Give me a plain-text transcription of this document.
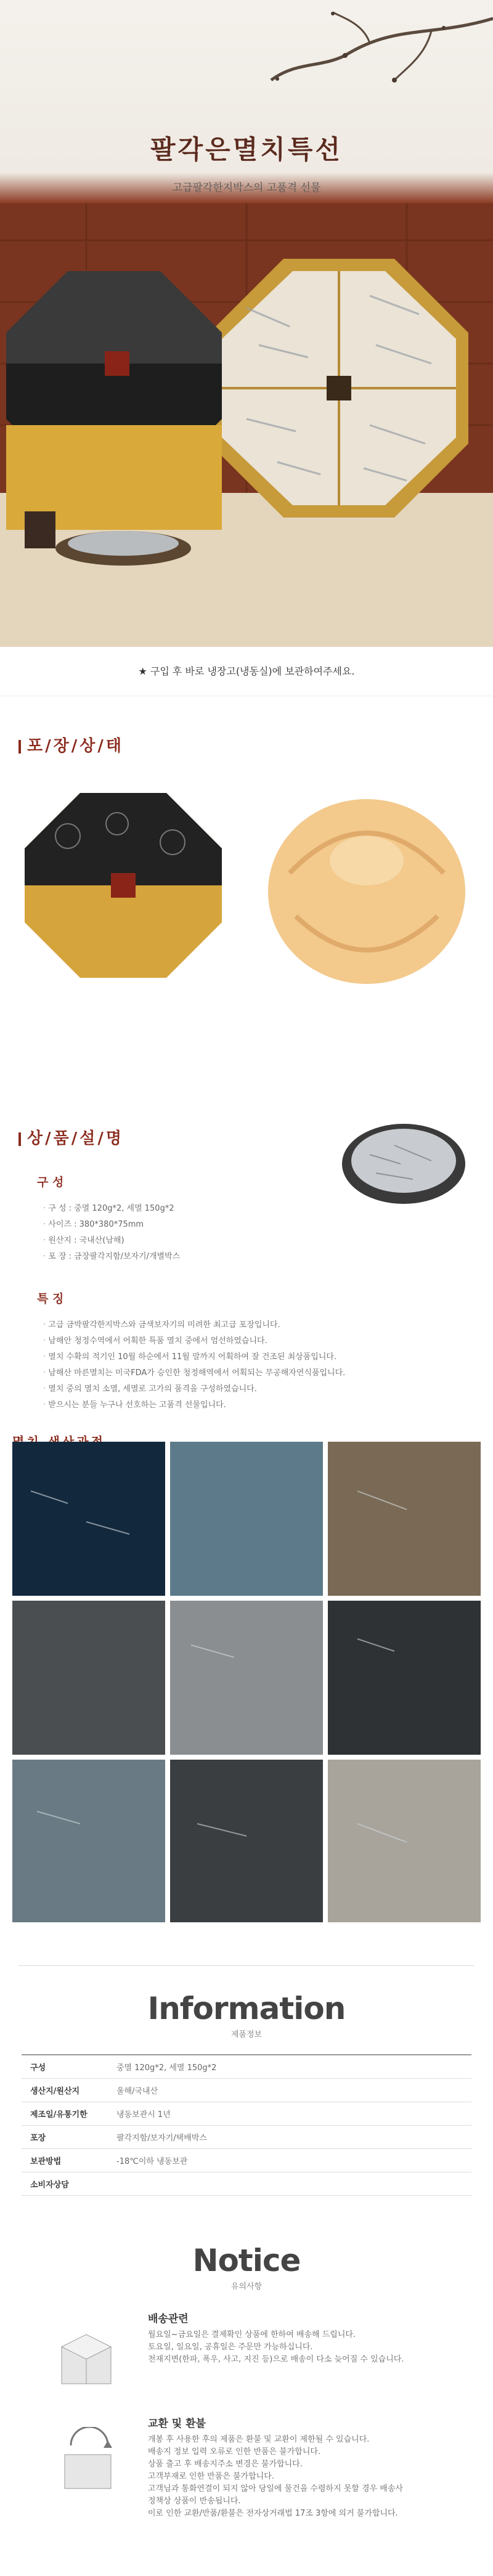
팔각은멸치특선
고급팔각한지박스의 고품격 선물
★ 구입 후 바로 냉장고(냉동실)에 보관하여주세요.
포/장/상/태
상/품/설/명
구 성
· 구 성 : 중멸 120g*2, 세멸 150g*2
· 사이즈 : 380*380*75mm
· 원산지 : 국내산(남해)
· 포 장 : 금장팔각지함/보자기/개별박스
특 징
· 고급 금박팔각한지박스와 금색보자기의 미려한 최고급 포장입니다.
· 남해안 청정수역에서 어획한 특품 멸치 중에서 엄선하였습니다.
· 멸치 수확의 적기인 10월 하순에서 11월 말까지 어획하여 잘 건조된 최상품입니다.
· 남해산 마른멸치는 미국FDA가 승인한 청정해역에서 어획되는 무공해자연식품입니다.
· 멸치 중의 멸치 소멸, 세멸로 고가의 품격을 구성하였습니다.
· 받으시는 분들 누구나 선호하는 고품격 선물입니다.
Information
제품정보
구성	중멸 120g*2, 세멸 150g*2
생산지/원산지	울해/국내산
제조일/유통기한	냉동보관시 1년
포장	팔각지함/보자기/택배박스
보관방법	-18℃이하 냉동보관
소비자상담	
Notice
유의사항
배송관련

월요일~금요일은 결제확인 상품에 한하여 배송해 드립니다.

토요일, 일요일, 공휴일은 주문만 가능하십니다.

천재지변(한파, 폭우, 사고, 지진 등)으로 배송이 다소 늦어질 수 있습니다.

교환 및 환불

개봉 후 사용한 후의 제품은 환불 및 교환이 제한될 수 있습니다.

배송지 정보 입력 오류로 인한 반품은 불가합니다.

상품 출고 후 배송지주소 변경은 불가합니다.

고객부재로 인한 반품은 불가합니다.

고객님과 통화연결이 되지 않아 당일에 물건을 수령하지 못할 경우 배송사

정책상 상품이 반송됩니다.

이로 인한 교환/반품/환불은 전자상거래법 17조 3항에 의거 불가합니다.
